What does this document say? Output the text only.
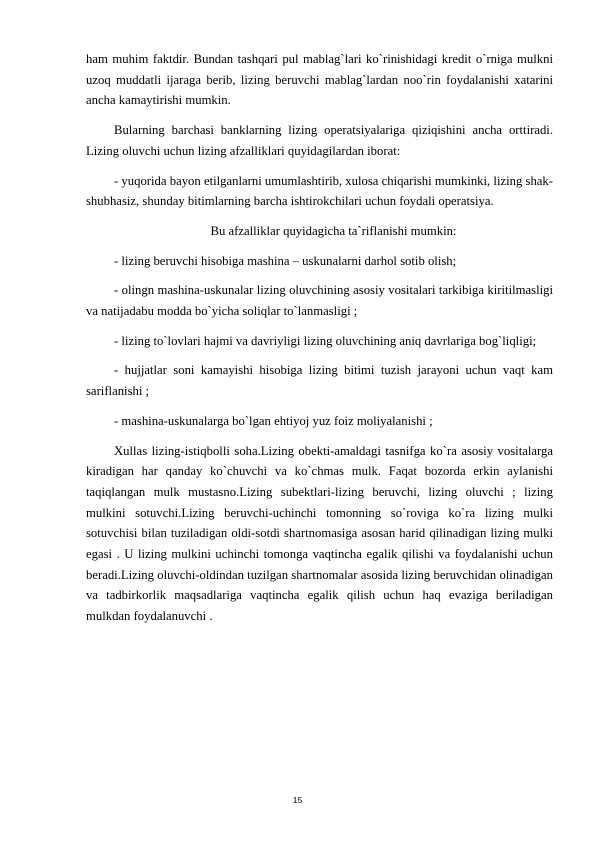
ham muhim faktdir. Bundan tashqari pul mablag`lari ko`rinishidagi kredit o`rniga mulkni uzoq muddatli ijaraga berib, lizing beruvchi mablag`lardan noo`rin foydalanishi xatarini ancha kamaytirishi mumkin.

Bularning barchasi banklarning lizing operatsiyalariga qiziqishini ancha orttiradi. Lizing oluvchi uchun lizing afzalliklari quyidagilardan iborat:

- yuqorida bayon etilganlarni umumlashtirib, xulosa chiqarishi mumkinki, lizing shak-shubhasiz, shunday bitimlarning barcha ishtirokchilari uchun foydali operatsiya.

Bu afzalliklar quyidagicha ta`riflanishi mumkin:

- lizing beruvchi hisobiga mashina – uskunalarni darhol sotib olish;

- olingn mashina-uskunalar lizing oluvchining asosiy vositalari tarkibiga kiritilmasligi va natijadabu modda bo`yicha soliqlar to`lanmasligi ;

- lizing to`lovlari hajmi va davriyligi lizing oluvchining aniq davrlariga bog`liqligi;

- hujjatlar soni kamayishi hisobiga lizing bitimi tuzish jarayoni uchun vaqt kam sariflanishi ;

- mashina-uskunalarga bo`lgan ehtiyoj yuz foiz moliyalanishi ;

Xullas lizing-istiqbolli soha.Lizing obekti-amaldagi tasnifga ko`ra asosiy vositalarga kiradigan har qanday ko`chuvchi va ko`chmas mulk. Faqat bozorda erkin aylanishi taqiqlangan mulk mustasno.Lizing subektlari-lizing beruvchi, lizing oluvchi ; lizing mulkini sotuvchi.Lizing beruvchi-uchinchi tomonning so`roviga ko`ra lizing mulki sotuvchisi bilan tuziladigan oldi-sotdi shartnomasiga asosan harid qilinadigan lizing mulki egasi . U lizing mulkini uchinchi tomonga vaqtincha egalik qilishi va foydalanishi uchun beradi.Lizing oluvchi-oldindan tuzilgan shartnomalar asosida lizing beruvchidan olinadigan va tadbirkorlik maqsadlariga vaqtincha egalik qilish uchun haq evaziga beriladigan mulkdan foydalanuvchi .

15
